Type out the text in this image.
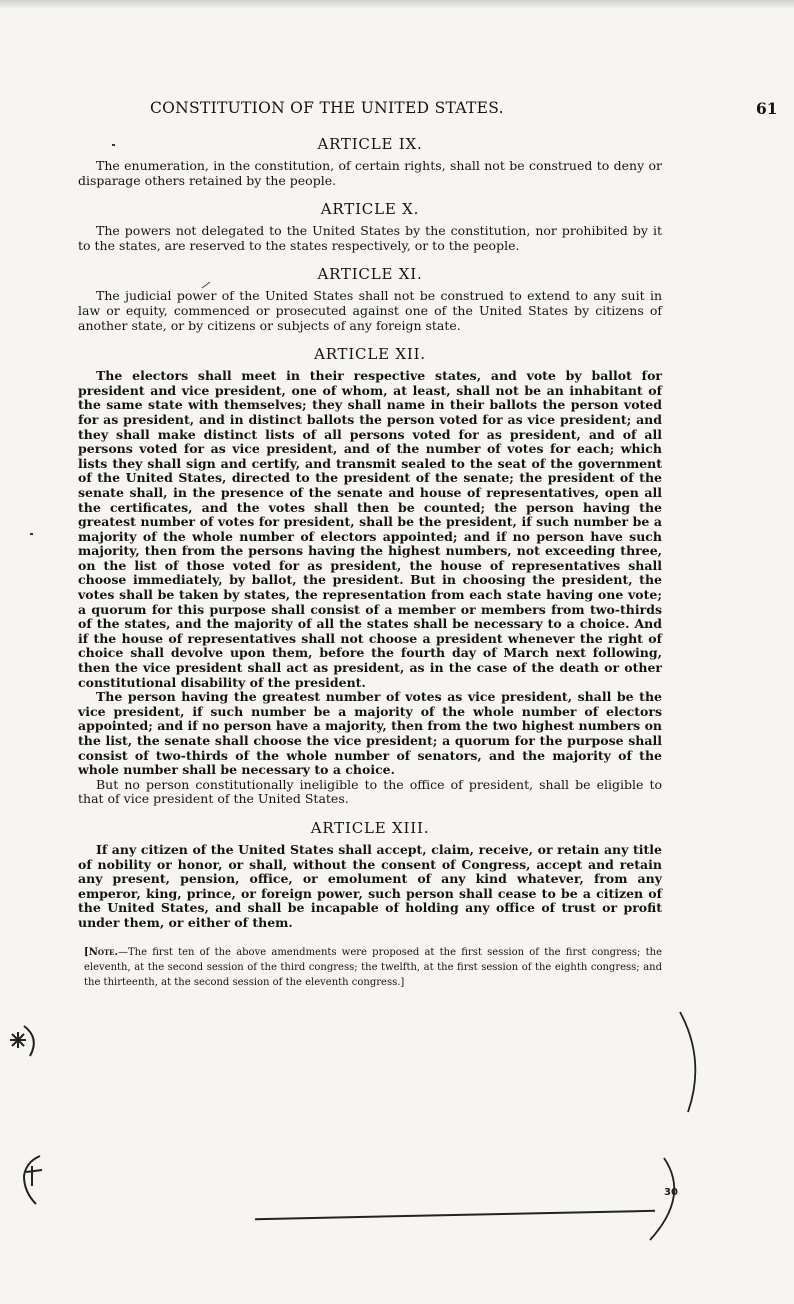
CONSTITUTION OF THE UNITED STATES.	61
ARTICLE IX.

The enumeration, in the constitution, of certain rights, shall not be construed to deny or disparage others retained by the people.

ARTICLE X.

The powers not delegated to the United States by the constitution, nor prohibited by it to the states, are reserved to the states respectively, or to the people.

ARTICLE XI.

The judicial power of the United States shall not be construed to extend to any suit in law or equity, commenced or prosecuted against one of the United States by citizens of another state, or by citizens or subjects of any foreign state.

ARTICLE XII.

The electors shall meet in their respective states, and vote by ballot for president and vice president, one of whom, at least, shall not be an inhabitant of the same state with themselves; they shall name in their ballots the person voted for as president, and in distinct ballots the person voted for as vice president; and they shall make distinct lists of all persons voted for as president, and of all persons voted for as vice president, and of the number of votes for each; which lists they shall sign and certify, and transmit sealed to the seat of the government of the United States, directed to the president of the senate; the president of the senate shall, in the presence of the senate and house of representatives, open all the certificates, and the votes shall then be counted; the person having the greatest number of votes for president, shall be the president, if such number be a majority of the whole number of electors appointed; and if no person have such majority, then from the persons having the highest numbers, not exceeding three, on the list of those voted for as president, the house of representatives shall choose immediately, by ballot, the president. But in choosing the president, the votes shall be taken by states, the representation from each state having one vote; a quorum for this purpose shall consist of a member or members from two-thirds of the states, and the majority of all the states shall be necessary to a choice. And if the house of representatives shall not choose a president whenever the right of choice shall devolve upon them, before the fourth day of March next following, then the vice president shall act as president, as in the case of the death or other constitutional disability of the president.

The person having the greatest number of votes as vice president, shall be the vice president, if such number be a majority of the whole number of electors appointed; and if no person have a majority, then from the two highest numbers on the list, the senate shall choose the vice president; a quorum for the purpose shall consist of two-thirds of the whole number of senators, and the majority of the whole number shall be necessary to a choice.

But no person constitutionally ineligible to the office of president, shall be eligible to that of vice president of the United States.

ARTICLE XIII.

If any citizen of the United States shall accept, claim, receive, or retain any title of nobility or honor, or shall, without the consent of Congress, accept and retain any present, pension, office, or emolument of any kind whatever, from any emperor, king, prince, or foreign power, such person shall cease to be a citizen of the United States, and shall be incapable of holding any office of trust or profit under them, or either of them.

[Note.—The first ten of the above amendments were proposed at the first session of the first congress; the eleventh, at the second session of the third congress; the twelfth, at the first session of the eighth congress; and the thirteenth, at the second session of the eleventh congress.]
30
